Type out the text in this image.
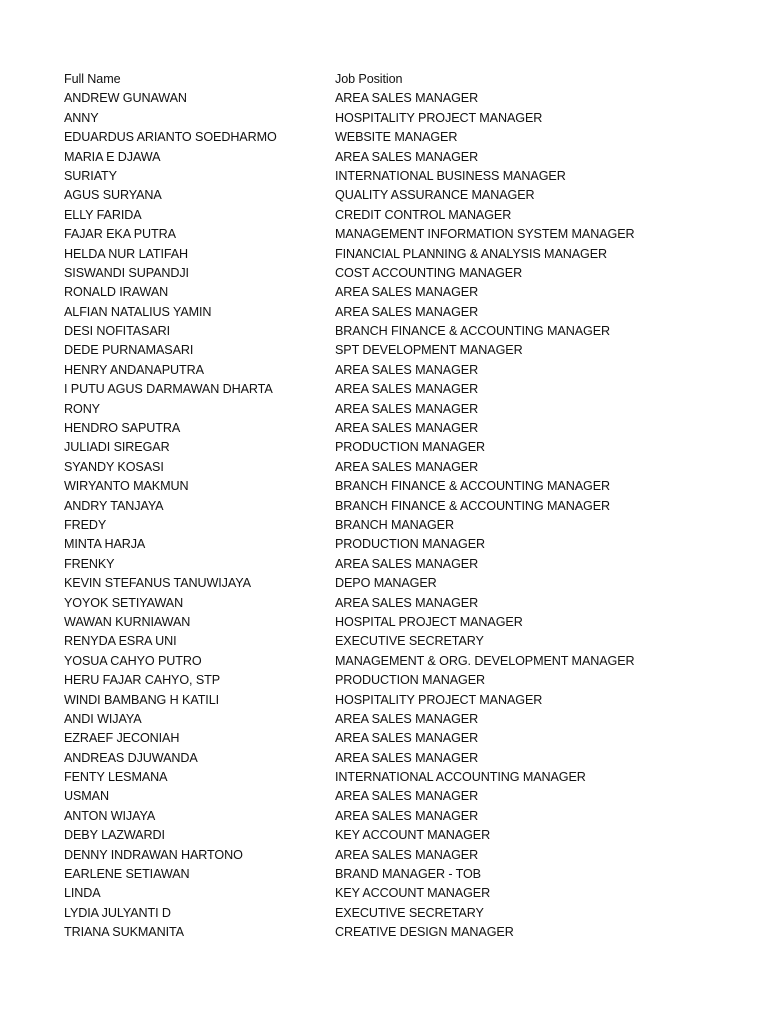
Full Name	Job Position
ANDREW GUNAWAN	AREA SALES MANAGER
ANNY	HOSPITALITY PROJECT MANAGER
EDUARDUS ARIANTO SOEDHARMO	WEBSITE MANAGER
MARIA E DJAWA	AREA SALES MANAGER
SURIATY	INTERNATIONAL BUSINESS MANAGER
AGUS SURYANA	QUALITY ASSURANCE MANAGER
ELLY FARIDA	CREDIT CONTROL MANAGER
FAJAR EKA PUTRA	MANAGEMENT INFORMATION SYSTEM MANAGER
HELDA NUR LATIFAH	FINANCIAL PLANNING & ANALYSIS MANAGER
SISWANDI SUPANDJI	COST ACCOUNTING MANAGER
RONALD IRAWAN	AREA SALES MANAGER
ALFIAN NATALIUS YAMIN	AREA SALES MANAGER
DESI NOFITASARI	BRANCH FINANCE & ACCOUNTING MANAGER
DEDE PURNAMASARI	SPT DEVELOPMENT MANAGER
HENRY ANDANAPUTRA	AREA SALES MANAGER
I PUTU AGUS DARMAWAN DHARTA	AREA SALES MANAGER
RONY	AREA SALES MANAGER
HENDRO SAPUTRA	AREA SALES MANAGER
JULIADI SIREGAR	PRODUCTION MANAGER
SYANDY KOSASI	AREA SALES MANAGER
WIRYANTO MAKMUN	BRANCH FINANCE & ACCOUNTING MANAGER
ANDRY TANJAYA	BRANCH FINANCE & ACCOUNTING MANAGER
FREDY	BRANCH MANAGER
MINTA HARJA	PRODUCTION MANAGER
FRENKY	AREA SALES MANAGER
KEVIN STEFANUS TANUWIJAYA	DEPO MANAGER
YOYOK SETIYAWAN	AREA SALES MANAGER
WAWAN KURNIAWAN	HOSPITAL PROJECT MANAGER
RENYDA ESRA UNI	EXECUTIVE SECRETARY
YOSUA CAHYO PUTRO	MANAGEMENT & ORG. DEVELOPMENT MANAGER
HERU FAJAR CAHYO, STP	PRODUCTION MANAGER
WINDI BAMBANG H KATILI	HOSPITALITY PROJECT MANAGER
ANDI WIJAYA	AREA SALES MANAGER
EZRAEF JECONIAH	AREA SALES MANAGER
ANDREAS DJUWANDA	AREA SALES MANAGER
FENTY LESMANA	INTERNATIONAL ACCOUNTING MANAGER
USMAN	AREA SALES MANAGER
ANTON WIJAYA	AREA SALES MANAGER
DEBY LAZWARDI	KEY ACCOUNT MANAGER
DENNY INDRAWAN HARTONO	AREA SALES MANAGER
EARLENE SETIAWAN	BRAND MANAGER - TOB
LINDA	KEY ACCOUNT MANAGER
LYDIA JULYANTI D	EXECUTIVE SECRETARY
TRIANA SUKMANITA	CREATIVE DESIGN MANAGER
